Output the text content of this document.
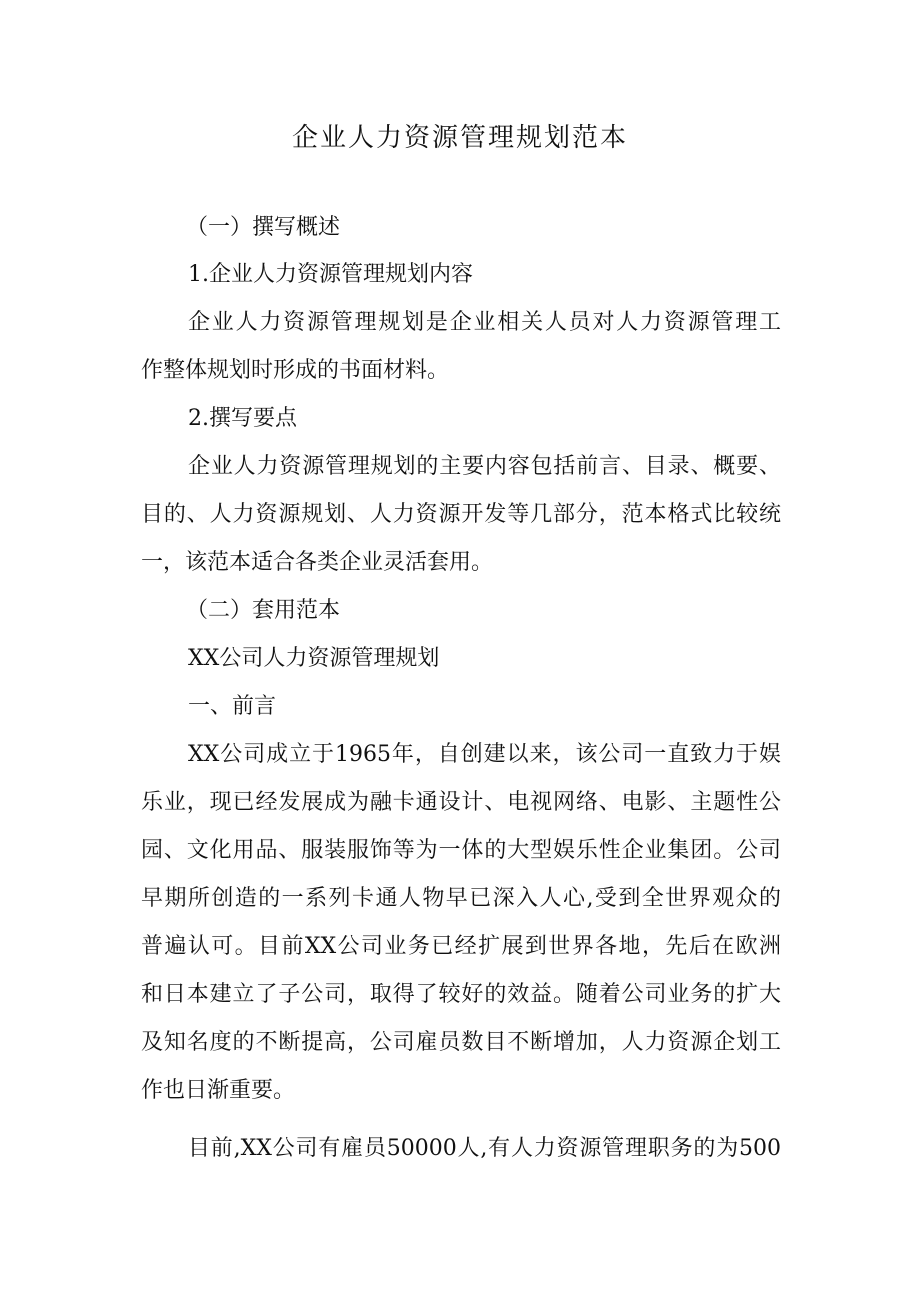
企业人力资源管理规划范本
（一）撰写概述
1.企业人力资源管理规划内容
企业人力资源管理规划是企业相关人员对人力资源管理工
作整体规划时形成的书面材料。
2.撰写要点
企业人力资源管理规划的主要内容包括前言、目录、概要、
目的、人力资源规划、人力资源开发等几部分，范本格式比较统
一，该范本适合各类企业灵活套用。
（二）套用范本
XX公司人力资源管理规划
一、前言
XX公司成立于1965年，自创建以来，该公司一直致力于娱
乐业，现已经发展成为融卡通设计、电视网络、电影、主题性公
园、文化用品、服装服饰等为一体的大型娱乐性企业集团。公司
早期所创造的一系列卡通人物早已深入人心,受到全世界观众的
普遍认可。目前XX公司业务已经扩展到世界各地，先后在欧洲
和日本建立了子公司，取得了较好的效益。随着公司业务的扩大
及知名度的不断提高，公司雇员数目不断增加，人力资源企划工
作也日渐重要。
目前,XX公司有雇员50000人,有人力资源管理职务的为500
